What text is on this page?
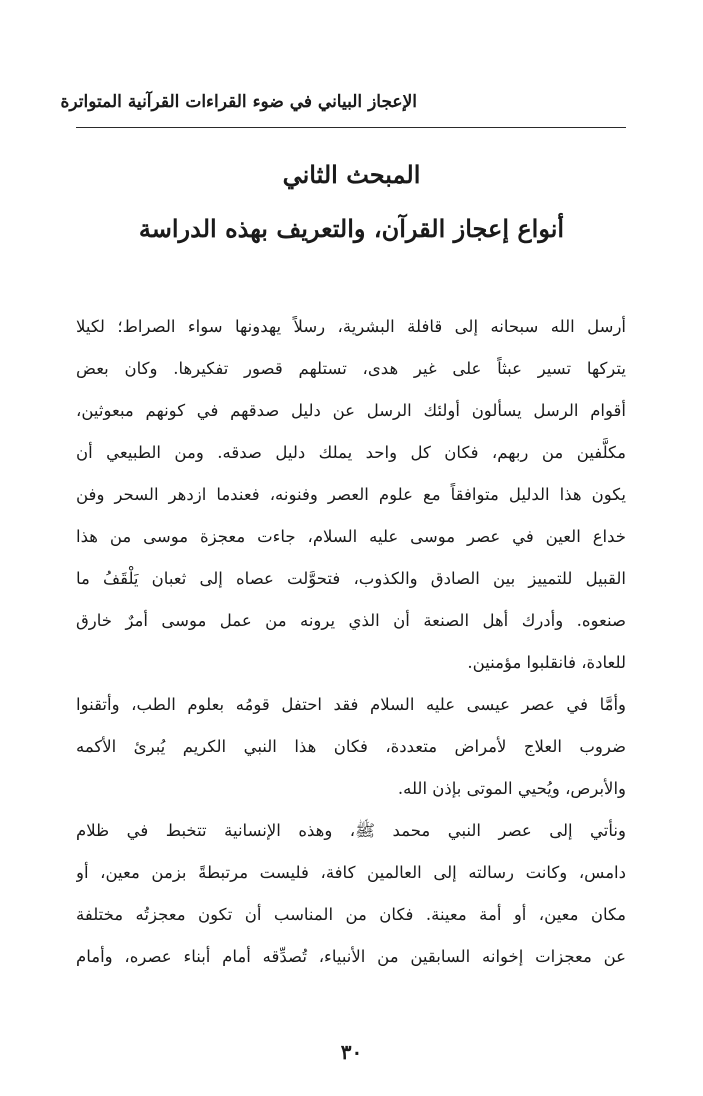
الإعجاز البياني في ضوء القراءات القرآنية المتواترة
المبحث الثاني
أنواع إعجاز القرآن، والتعريف بهذه الدراسة
أرسل الله سبحانه إلى قافلة البشرية، رسلاً يهدونها سواء الصراط؛ لكيلا
يتركها تسير عبثاً على غير هدى، تستلهم قصور تفكيرها. وكان بعض
أقوام الرسل يسألون أولئك الرسل عن دليل صدقهم في كونهم مبعوثين،
مكلَّفين من ربهم، فكان كل واحد يملك دليل صدقه. ومن الطبيعي أن
يكون هذا الدليل متوافقاً مع علوم العصر وفنونه، فعندما ازدهر السحر وفن
خداع العين في عصر موسى عليه السلام، جاءت معجزة موسى من هذا
القبيل للتمييز بين الصادق والكذوب، فتحوَّلت عصاه إلى ثعبان يَلْقَفُ ما
صنعوه. وأدرك أهل الصنعة أن الذي يرونه من عمل موسى أمرٌ خارق
للعادة، فانقلبوا مؤمنين.
وأمَّا في عصر عيسى عليه السلام فقد احتفل قومُه بعلوم الطب، وأتقنوا
ضروب العلاج لأمراض متعددة، فكان هذا النبي الكريم يُبرئ الأكمه
والأبرص، ويُحيي الموتى بإذن الله.
ونأتي إلى عصر النبي محمد ﷺ، وهذه الإنسانية تتخبط في ظلام
دامس، وكانت رسالته إلى العالمين كافة، فليست مرتبطةً بزمن معين، أو
مكان معين، أو أمة معينة. فكان من المناسب أن تكون معجزتُه مختلفة
عن معجزات إخوانه السابقين من الأنبياء، تُصدِّقه أمام أبناء عصره، وأمام
٣٠
